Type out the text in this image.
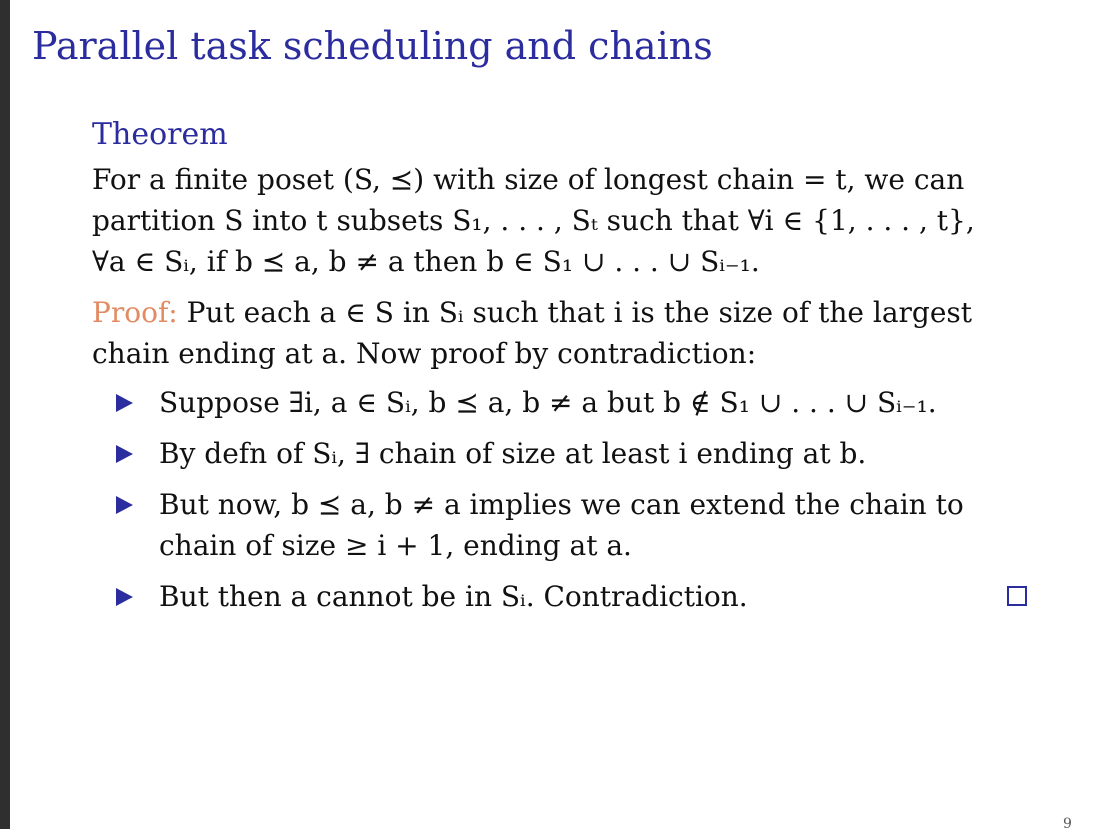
Parallel task scheduling and chains
Theorem
For a finite poset (S, ⪯) with size of longest chain = t, we can
partition S into t subsets S₁, . . . , Sₜ such that ∀i ∈ {1, . . . , t},
∀a ∈ Sᵢ, if b ⪯ a, b ≠ a then b ∈ S₁ ∪ . . . ∪ Sᵢ₋₁.
Proof: Put each a ∈ S in Sᵢ such that i is the size of the largest
chain ending at a. Now proof by contradiction:
Suppose ∃i, a ∈ Sᵢ, b ⪯ a, b ≠ a but b ∉ S₁ ∪ . . . ∪ Sᵢ₋₁.
By defn of Sᵢ, ∃ chain of size at least i ending at b.
But now, b ⪯ a, b ≠ a implies we can extend the chain to
chain of size ≥ i + 1, ending at a.
But then a cannot be in Sᵢ. Contradiction.
9
